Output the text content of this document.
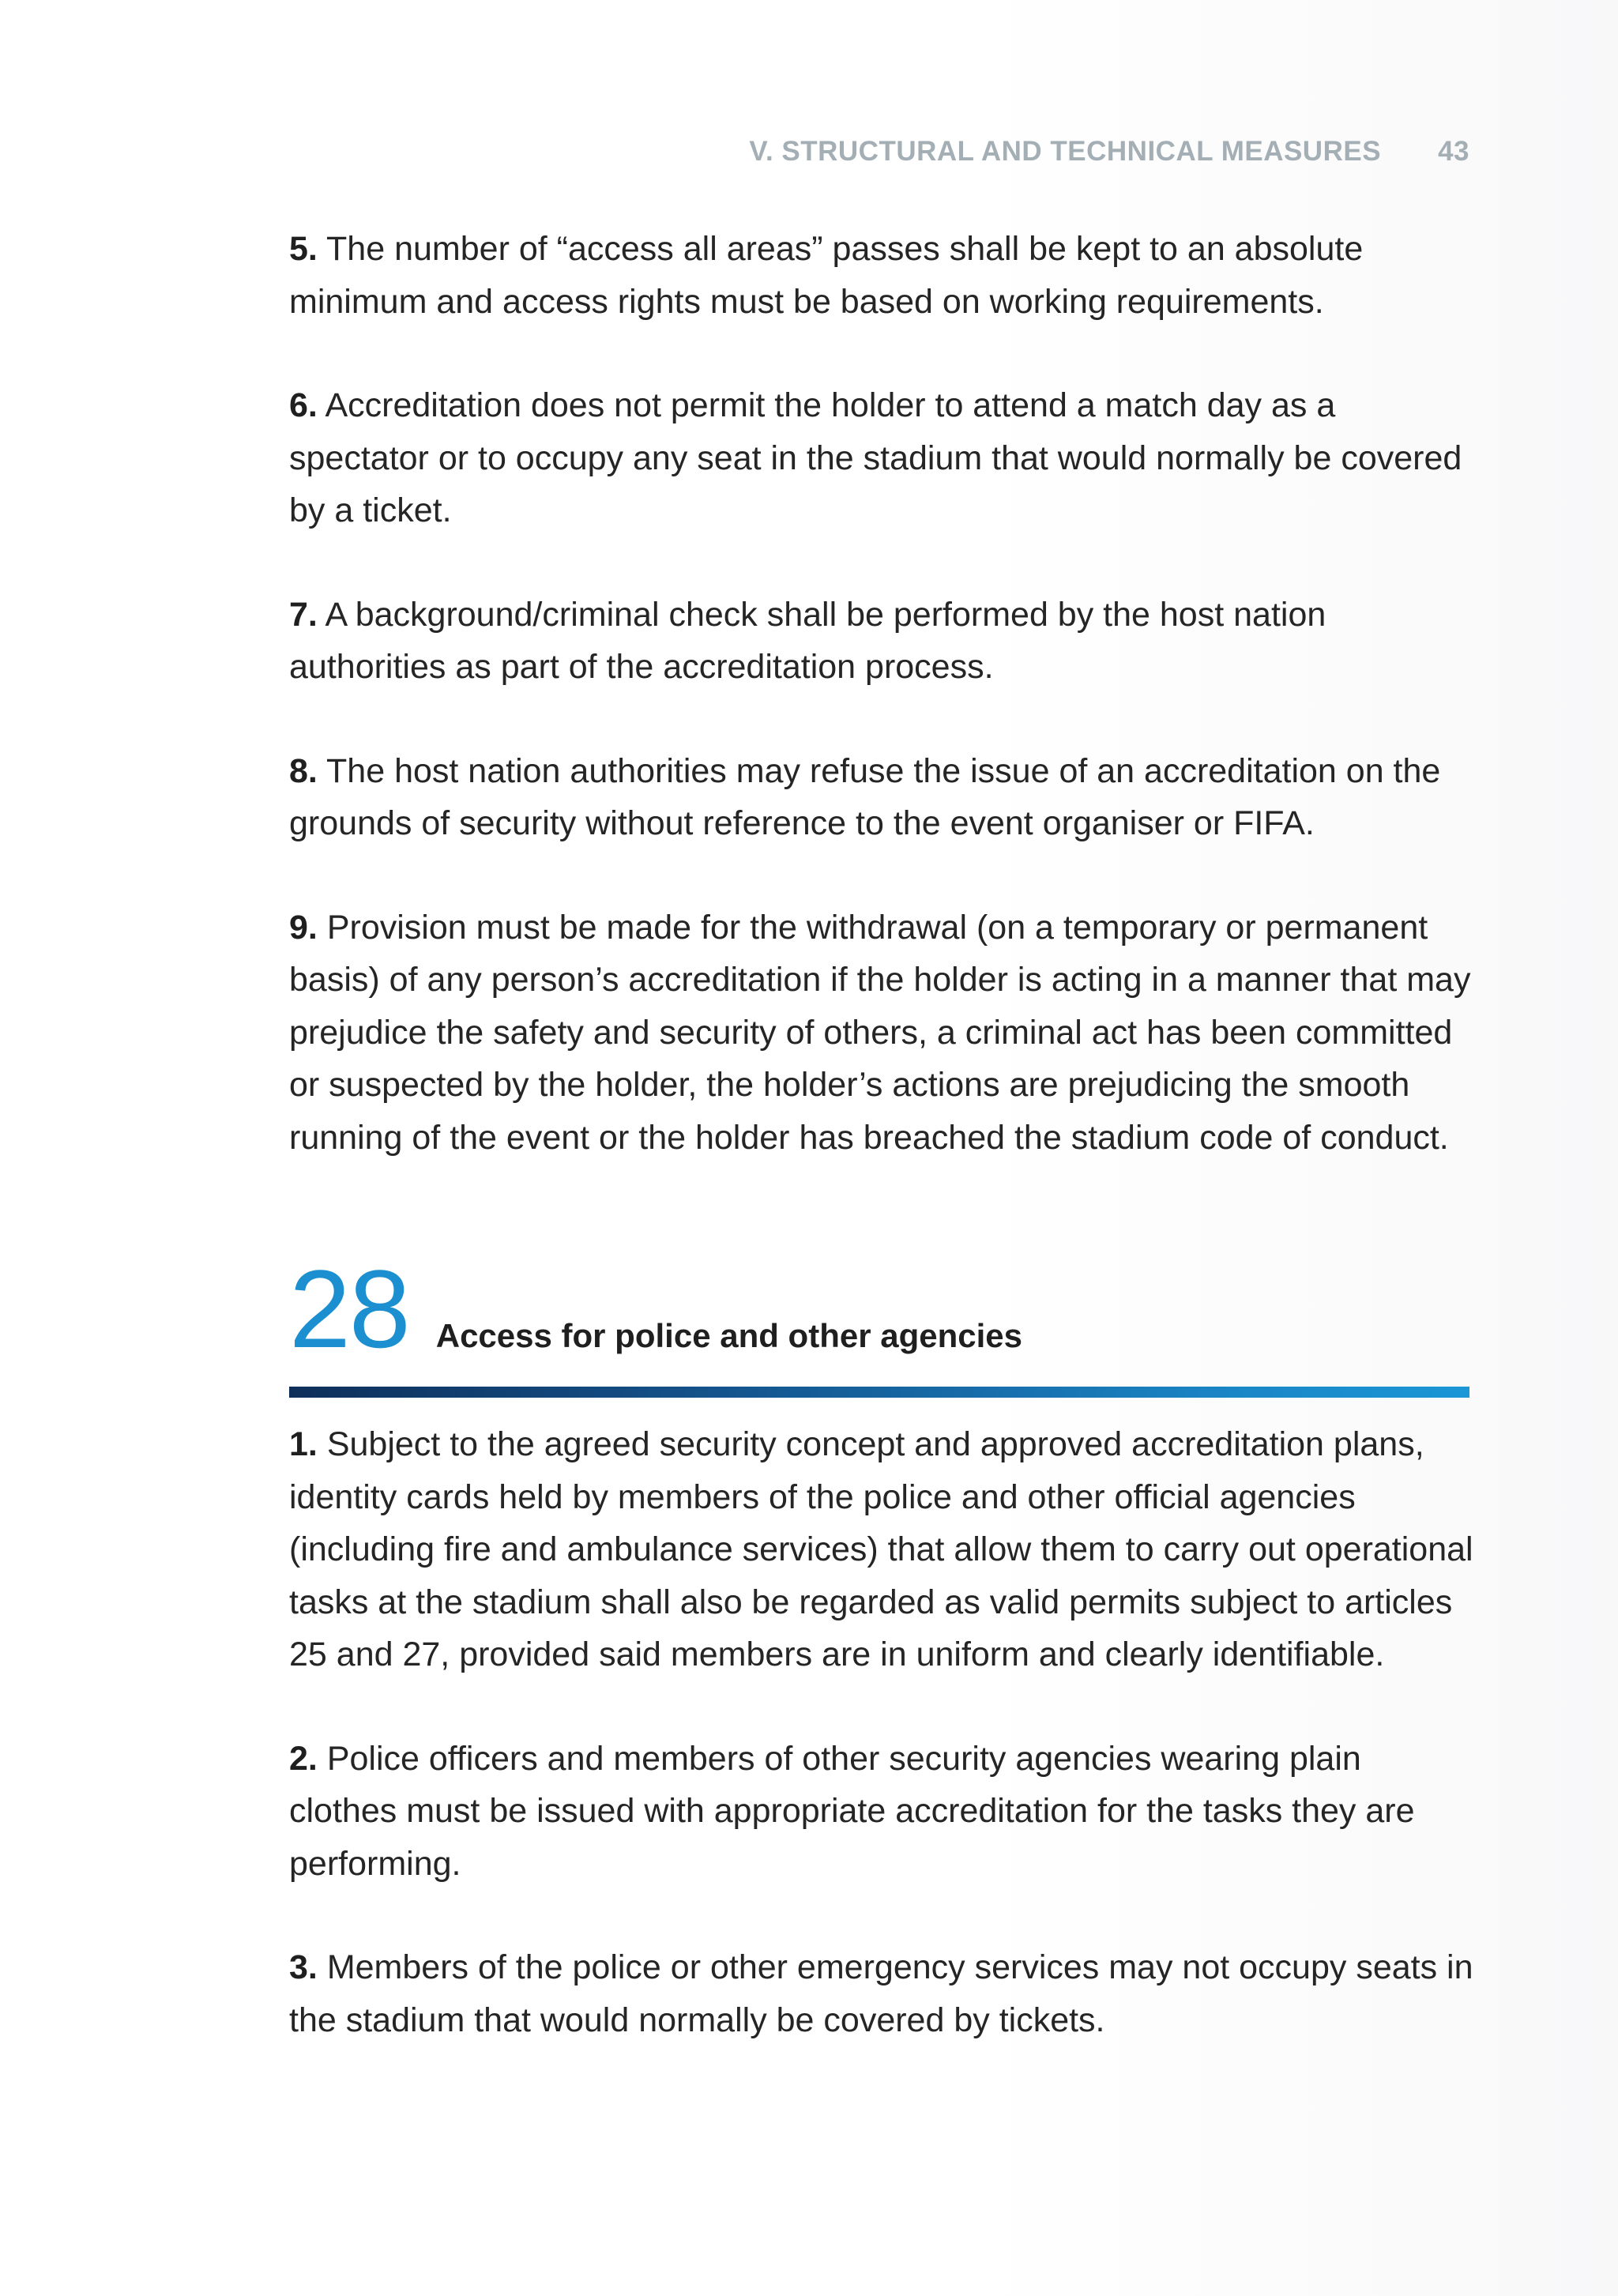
V. STRUCTURAL AND TECHNICAL MEASURES 43

5. The number of “access all areas” passes shall be kept to an absolute minimum and access rights must be based on working requirements.

6. Accreditation does not permit the holder to attend a match day as a spectator or to occupy any seat in the stadium that would normally be covered by a ticket.

7. A background/criminal check shall be performed by the host nation authorities as part of the accreditation process.

8. The host nation authorities may refuse the issue of an accreditation on the grounds of security without reference to the event organiser or FIFA.

9. Provision must be made for the withdrawal (on a temporary or permanent basis) of any person’s accreditation if the holder is acting in a manner that may prejudice the safety and security of others, a criminal act has been committed or suspected by the holder, the holder’s actions are prejudicing the smooth running of the event or the holder has breached the stadium code of conduct.

28 Access for police and other agencies

1. Subject to the agreed security concept and approved accreditation plans, identity cards held by members of the police and other official agencies (including fire and ambulance services) that allow them to carry out operational tasks at the stadium shall also be regarded as valid permits subject to articles 25 and 27, provided said members are in uniform and clearly identifiable.

2. Police officers and members of other security agencies wearing plain clothes must be issued with appropriate accreditation for the tasks they are performing.

3. Members of the police or other emergency services may not occupy seats in the stadium that would normally be covered by tickets.
